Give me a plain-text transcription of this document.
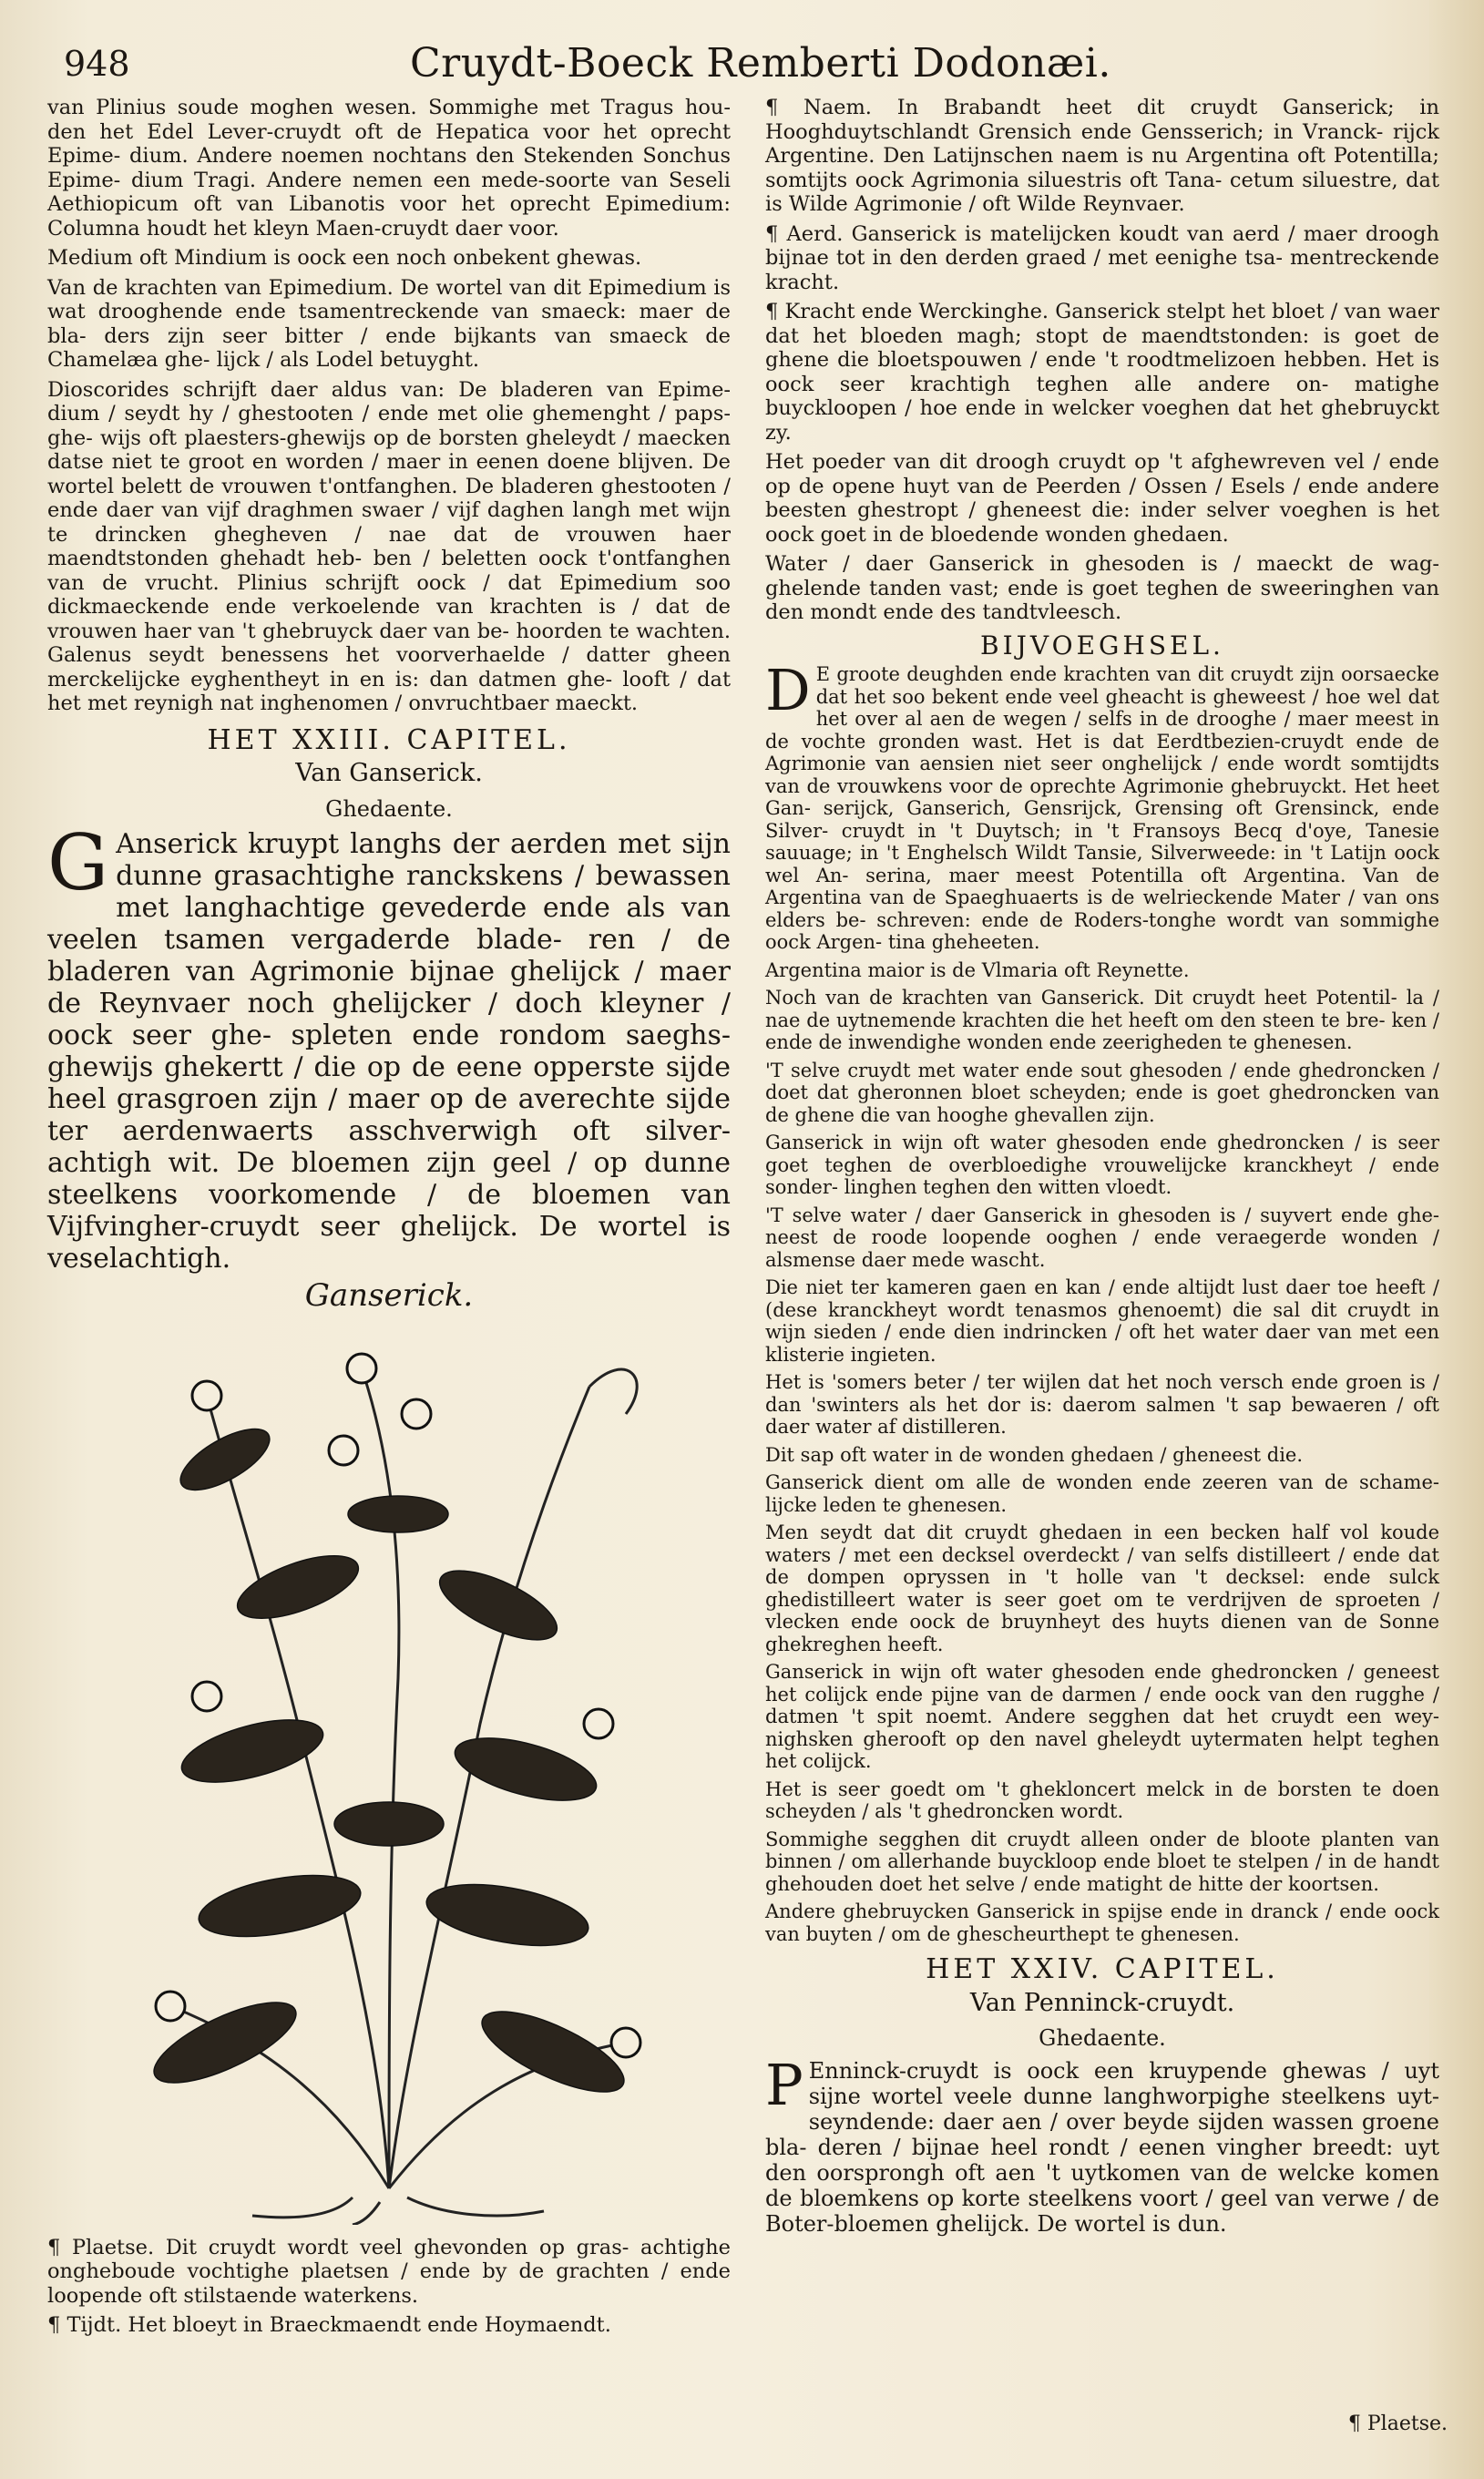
948	Cruydt-Boeck Remberti Dodonæi.

van Plinius soude moghen wesen. Sommighe met Tragus hou- den het Edel Lever-cruydt oft de Hepatica voor het oprecht Epime- dium. Andere noemen nochtans den Stekenden Sonchus Epime- dium Tragi. Andere nemen een mede-soorte van Seseli Aethiopicum oft van Libanotis voor het oprecht Epimedium: Columna houdt het kleyn Maen-cruydt daer voor.

Medium oft Mindium is oock een noch onbekent ghewas.

Van de krachten van Epimedium. De wortel van dit Epimedium is wat drooghende ende tsamentreckende van smaeck: maer de bla- ders zijn seer bitter / ende bijkants van smaeck de Chamelæa ghe- lijck / als Lodel betuyght.

Dioscorides schrijft daer aldus van: De bladeren van Epime- dium / seydt hy / ghestooten / ende met olie ghemenght / paps-ghe- wijs oft plaesters-ghewijs op de borsten gheleydt / maecken datse niet te groot en worden / maer in eenen doene blijven. De wortel belett de vrouwen t'ontfanghen. De bladeren ghestooten / ende daer van vijf draghmen swaer / vijf daghen langh met wijn te drincken ghegheven / nae dat de vrouwen haer maendtstonden ghehadt heb- ben / beletten oock t'ontfanghen van de vrucht. Plinius schrijft oock / dat Epimedium soo dickmaeckende ende verkoelende van krachten is / dat de vrouwen haer van 't ghebruyck daer van be- hoorden te wachten. Galenus seydt benessens het voorverhaelde / datter gheen merckelijcke eyghentheyt in en is: dan datmen ghe- looft / dat het met reynigh nat inghenomen / onvruchtbaer maeckt.

HET XXIII. CAPITEL.
Van Ganserick.
Ghedaente.

G Anserick kruypt langhs der aerden met sijn dunne grasachtighe ranckskens / bewassen met langhachtige gevederde ende als van veelen tsamen vergaderde blade- ren / de bladeren van Agrimonie bijnae ghelijck / maer de Reynvaer noch ghelijcker / doch kleyner / oock seer ghe- spleten ende rondom saeghs-ghewijs ghekertt / die op de eene opperste sijde heel grasgroen zijn / maer op de averechte sijde ter aerdenwaerts asschverwigh oft silver- achtigh wit. De bloemen zijn geel / op dunne steelkens voorkomende / de bloemen van Vijfvingher-cruydt seer ghelijck. De wortel is veselachtigh.

Ganserick.

¶ Plaetse. Dit cruydt wordt veel ghevonden op gras- achtighe ongheboude vochtighe plaetsen / ende by de grachten / ende loopende oft stilstaende waterkens.

¶ Tijdt. Het bloeyt in Braeckmaendt ende Hoymaendt.

¶ Naem. In Brabandt heet dit cruydt Ganserick; in Hooghduytschlandt Grensich ende Gensserich; in Vranck- rijck Argentine. Den Latijnschen naem is nu Argentina oft Potentilla; somtijts oock Agrimonia siluestris oft Tana- cetum siluestre, dat is Wilde Agrimonie / oft Wilde Reynvaer.

¶ Aerd. Ganserick is matelijcken koudt van aerd / maer droogh bijnae tot in den derden graed / met eenighe tsa- mentreckende kracht.

¶ Kracht ende Werckinghe. Ganserick stelpt het bloet / van waer dat het bloeden magh; stopt de maendtstonden: is goet de ghene die bloetspouwen / ende 't roodtmelizoen hebben. Het is oock seer krachtigh teghen alle andere on- matighe buyckloopen / hoe ende in welcker voeghen dat het ghebruyckt zy.

Het poeder van dit droogh cruydt op 't afghewreven vel / ende op de opene huyt van de Peerden / Ossen / Esels / ende andere beesten ghestropt / gheneest die: inder selver voeghen is het oock goet in de bloedende wonden ghedaen.

Water / daer Ganserick in ghesoden is / maeckt de wag- ghelende tanden vast; ende is goet teghen de sweeringhen van den mondt ende des tandtvleesch.

BIJVOEGHSEL.

D E groote deughden ende krachten van dit cruydt zijn oorsaecke dat het soo bekent ende veel gheacht is gheweest / hoe wel dat het over al aen de wegen / selfs in de drooghe / maer meest in de vochte gronden wast. Het is dat Eerdtbezien-cruydt ende de Agrimonie van aensien niet seer onghelijck / ende wordt somtijdts van de vrouwkens voor de oprechte Agrimonie ghebruyckt. Het heet Gan- serijck, Ganserich, Gensrijck, Grensing oft Grensinck, ende Silver- cruydt in 't Duytsch; in 't Fransoys Becq d'oye, Tanesie sauuage; in 't Enghelsch Wildt Tansie, Silverweede: in 't Latijn oock wel An- serina, maer meest Potentilla oft Argentina. Van de Argentina van de Spaeghuaerts is de welrieckende Mater / van ons elders be- schreven: ende de Roders-tonghe wordt van sommighe oock Argen- tina gheheeten.

Argentina maior is de Vlmaria oft Reynette.

Noch van de krachten van Ganserick. Dit cruydt heet Potentil- la / nae de uytnemende krachten die het heeft om den steen te bre- ken / ende de inwendighe wonden ende zeerigheden te ghenesen.

'T selve cruydt met water ende sout ghesoden / ende ghedroncken / doet dat gheronnen bloet scheyden; ende is goet ghedroncken van de ghene die van hooghe ghevallen zijn.

Ganserick in wijn oft water ghesoden ende ghedroncken / is seer goet teghen de overbloedighe vrouwelijcke kranckheyt / ende sonder- linghen teghen den witten vloedt.

'T selve water / daer Ganserick in ghesoden is / suyvert ende ghe- neest de roode loopende ooghen / ende veraegerde wonden / alsmense daer mede wascht.

Die niet ter kameren gaen en kan / ende altijdt lust daer toe heeft / (dese kranckheyt wordt tenasmos ghenoemt) die sal dit cruydt in wijn sieden / ende dien indrincken / oft het water daer van met een klisterie ingieten.

Het is 'somers beter / ter wijlen dat het noch versch ende groen is / dan 'swinters als het dor is: daerom salmen 't sap bewaeren / oft daer water af distilleren.

Dit sap oft water in de wonden ghedaen / gheneest die.

Ganserick dient om alle de wonden ende zeeren van de schame- lijcke leden te ghenesen.

Men seydt dat dit cruydt ghedaen in een becken half vol koude waters / met een decksel overdeckt / van selfs distilleert / ende dat de dompen opryssen in 't holle van 't decksel: ende sulck ghedistilleert water is seer goet om te verdrijven de sproeten / vlecken ende oock de bruynheyt des huyts dienen van de Sonne ghekreghen heeft.

Ganserick in wijn oft water ghesoden ende ghedroncken / geneest het colijck ende pijne van de darmen / ende oock van den rugghe / datmen 't spit noemt. Andere segghen dat het cruydt een wey- nighsken gherooft op den navel gheleydt uytermaten helpt teghen het colijck.

Het is seer goedt om 't ghekloncert melck in de borsten te doen scheyden / als 't ghedroncken wordt.

Sommighe segghen dit cruydt alleen onder de bloote planten van binnen / om allerhande buyckloop ende bloet te stelpen / in de handt ghehouden doet het selve / ende matight de hitte der koortsen.

Andere ghebruycken Ganserick in spijse ende in dranck / ende oock van buyten / om de ghescheurthept te ghenesen.

HET XXIV. CAPITEL.
Van Penninck-cruydt.
Ghedaente.

P Enninck-cruydt is oock een kruypende ghewas / uyt sijne wortel veele dunne langhworpighe steelkens uyt- seyndende: daer aen / over beyde sijden wassen groene bla- deren / bijnae heel rondt / eenen vingher breedt: uyt den oorsprongh oft aen 't uytkomen van de welcke komen de bloemkens op korte steelkens voort / geel van verwe / de Boter-bloemen ghelijck. De wortel is dun.

¶ Plaetse.
